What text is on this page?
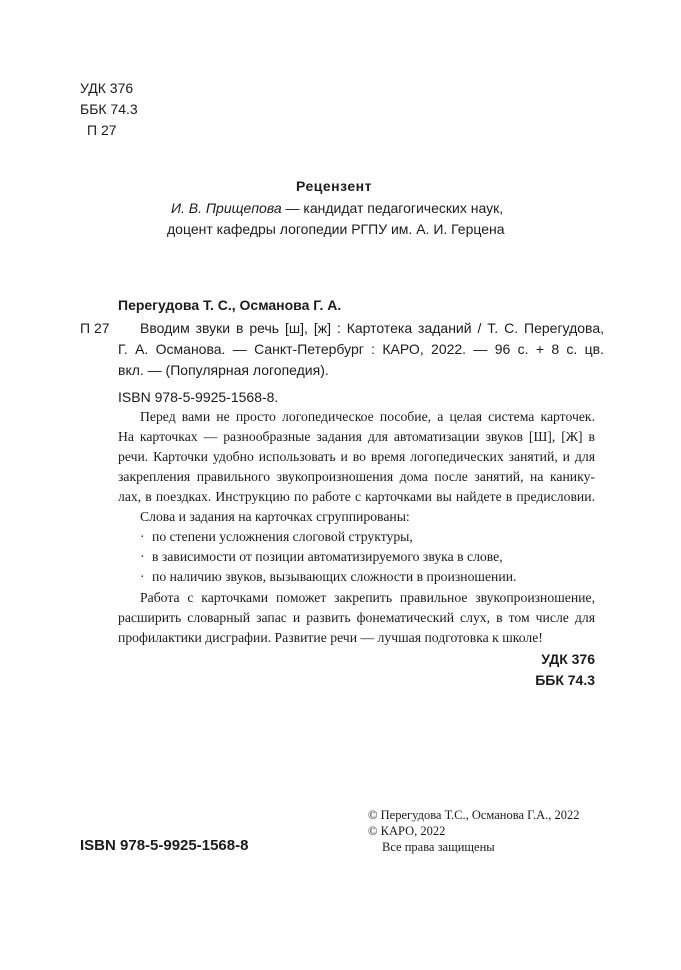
УДК 376
ББК 74.3
П 27
Рецензент
И. В. Прищепова — кандидат педагогических наук,
доцент кафедры логопедии РГПУ им. А. И. Герцена
Перегудова Т. С., Османова Г. А.
П 27 Вводим звуки в речь [ш], [ж] : Картотека заданий / Т. С. Перегудова,
Г. А. Османова. — Санкт-Петербург : КАРО, 2022. — 96 с. + 8 с. цв.
вкл. — (Популярная логопедия).
ISBN 978-5-9925-1568-8.
Перед вами не просто логопедическое пособие, а целая система карточек.
На карточках — разнообразные задания для автоматизации звуков [Ш], [Ж] в
речи. Карточки удобно использовать и во время логопедических занятий, и для
закрепления правильного звукопроизношения дома после занятий, на канику-
лах, в поездках. Инструкцию по работе с карточками вы найдете в предисловии.
Слова и задания на карточках сгруппированы:
· по степени усложнения слоговой структуры,
· в зависимости от позиции автоматизируемого звука в слове,
· по наличию звуков, вызывающих сложности в произношении.
Работа с карточками поможет закрепить правильное звукопроизношение,
расширить словарный запас и развить фонематический слух, в том числе для
профилактики дисграфии. Развитие речи — лучшая подготовка к школе!
УДК 376
ББК 74.3
ISBN 978-5-9925-1568-8
© Перегудова Т.С., Османова Г.А., 2022
© КАРО, 2022
Все права защищены
